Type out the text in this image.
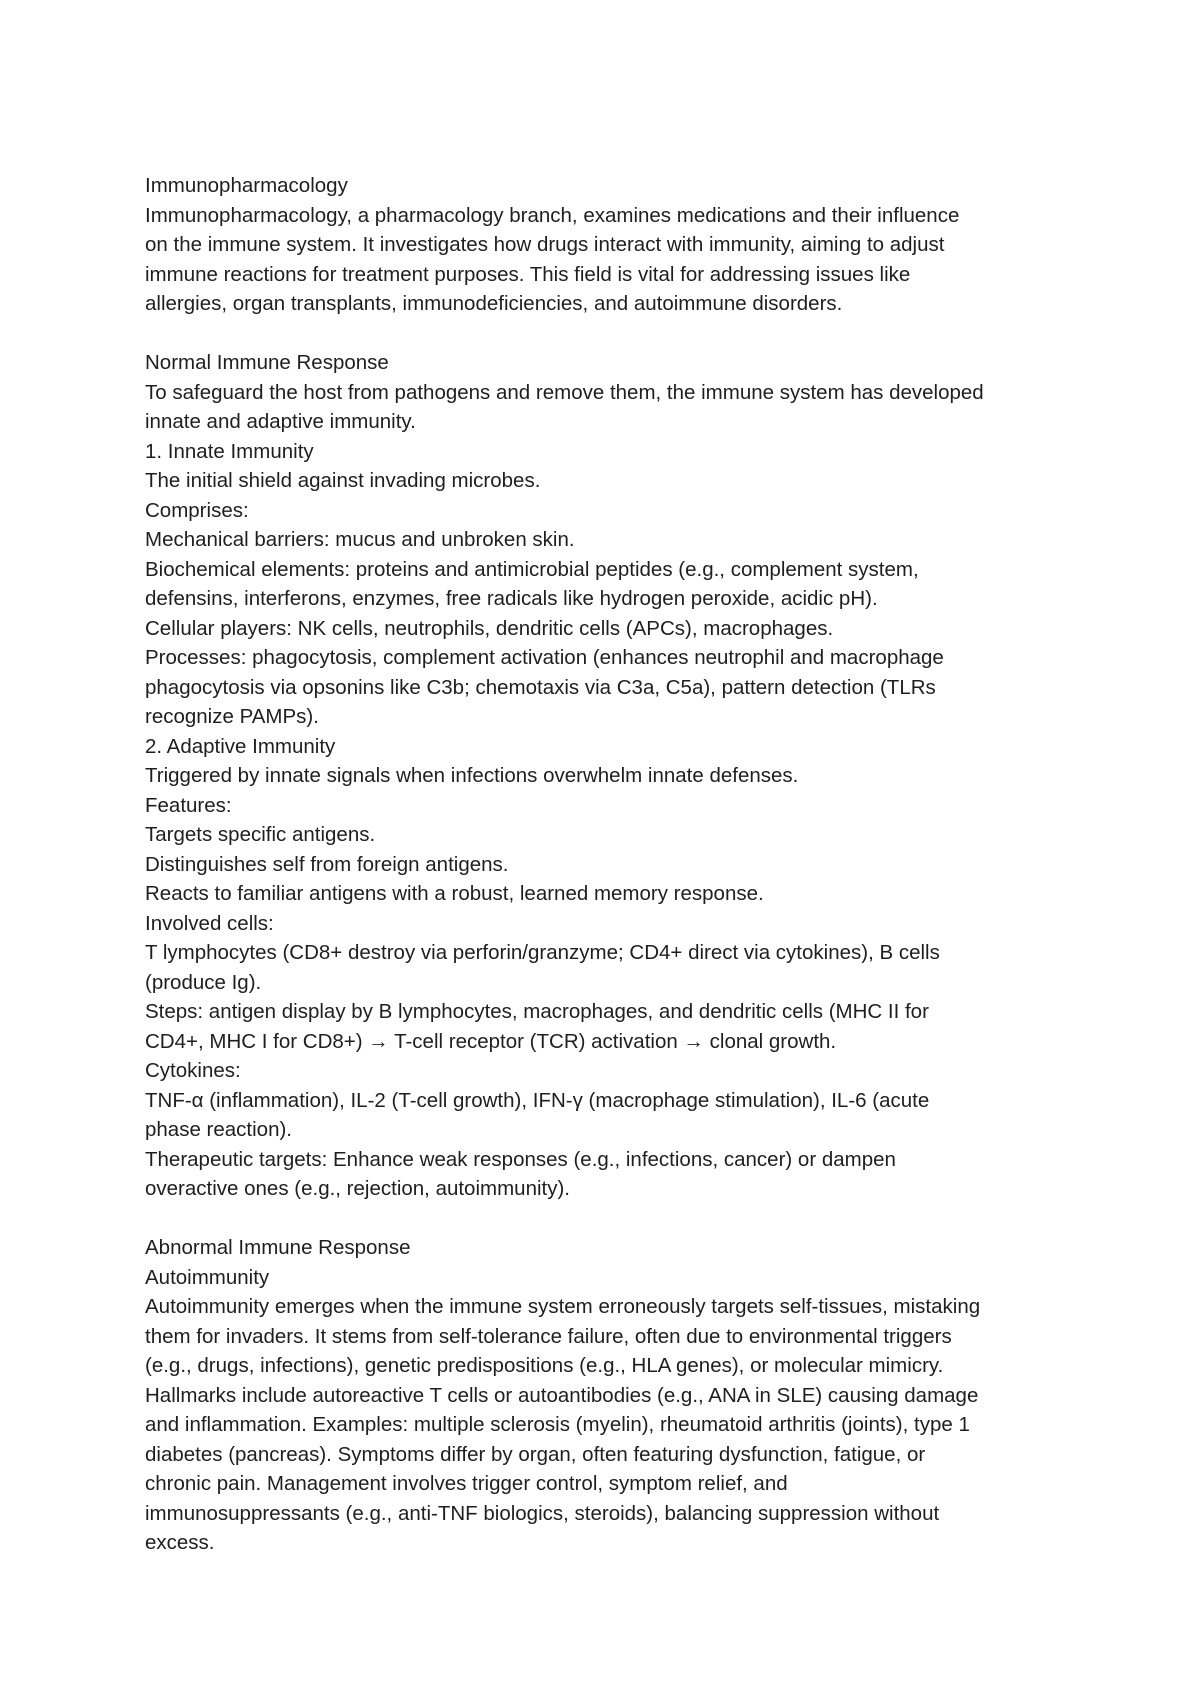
Immunopharmacology
Immunopharmacology, a pharmacology branch, examines medications and their influence
on the immune system. It investigates how drugs interact with immunity, aiming to adjust
immune reactions for treatment purposes. This field is vital for addressing issues like
allergies, organ transplants, immunodeficiencies, and autoimmune disorders.
Normal Immune Response
To safeguard the host from pathogens and remove them, the immune system has developed
innate and adaptive immunity.
1. Innate Immunity
The initial shield against invading microbes.
Comprises:
Mechanical barriers: mucus and unbroken skin.
Biochemical elements: proteins and antimicrobial peptides (e.g., complement system,
defensins, interferons, enzymes, free radicals like hydrogen peroxide, acidic pH).
Cellular players: NK cells, neutrophils, dendritic cells (APCs), macrophages.
Processes: phagocytosis, complement activation (enhances neutrophil and macrophage
phagocytosis via opsonins like C3b; chemotaxis via C3a, C5a), pattern detection (TLRs
recognize PAMPs).
2. Adaptive Immunity
Triggered by innate signals when infections overwhelm innate defenses.
Features:
Targets specific antigens.
Distinguishes self from foreign antigens.
Reacts to familiar antigens with a robust, learned memory response.
Involved cells:
T lymphocytes (CD8+ destroy via perforin/granzyme; CD4+ direct via cytokines), B cells
(produce Ig).
Steps: antigen display by B lymphocytes, macrophages, and dendritic cells (MHC II for
CD4+, MHC I for CD8+) → T-cell receptor (TCR) activation → clonal growth.
Cytokines:
TNF-α (inflammation), IL-2 (T-cell growth), IFN-γ (macrophage stimulation), IL-6 (acute
phase reaction).
Therapeutic targets: Enhance weak responses (e.g., infections, cancer) or dampen
overactive ones (e.g., rejection, autoimmunity).
Abnormal Immune Response
Autoimmunity
Autoimmunity emerges when the immune system erroneously targets self-tissues, mistaking
them for invaders. It stems from self-tolerance failure, often due to environmental triggers
(e.g., drugs, infections), genetic predispositions (e.g., HLA genes), or molecular mimicry.
Hallmarks include autoreactive T cells or autoantibodies (e.g., ANA in SLE) causing damage
and inflammation. Examples: multiple sclerosis (myelin), rheumatoid arthritis (joints), type 1
diabetes (pancreas). Symptoms differ by organ, often featuring dysfunction, fatigue, or
chronic pain. Management involves trigger control, symptom relief, and
immunosuppressants (e.g., anti-TNF biologics, steroids), balancing suppression without
excess.
